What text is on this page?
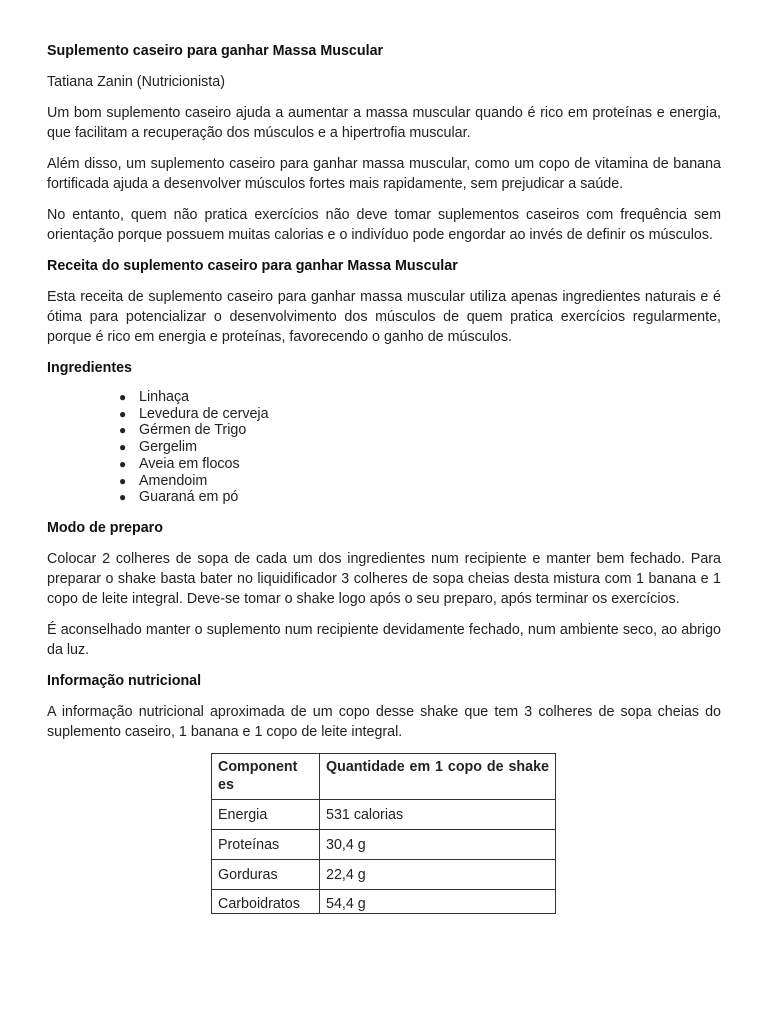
Suplemento caseiro para ganhar Massa Muscular

Tatiana Zanin (Nutricionista)

Um bom suplemento caseiro ajuda a aumentar a massa muscular quando é rico em proteínas e energia, que facilitam a recuperação dos músculos e a hipertrofia muscular.

Além disso, um suplemento caseiro para ganhar massa muscular, como um copo de vitamina de banana fortificada ajuda a desenvolver músculos fortes mais rapidamente, sem prejudicar a saúde.

No entanto, quem não pratica exercícios não deve tomar suplementos caseiros com frequência sem orientação porque possuem muitas calorias e o indivíduo pode engordar ao invés de definir os músculos.

Receita do suplemento caseiro para ganhar Massa Muscular

Esta receita de suplemento caseiro para ganhar massa muscular utiliza apenas ingredientes naturais e é ótima para potencializar o desenvolvimento dos músculos de quem pratica exercícios regularmente, porque é rico em energia e proteínas, favorecendo o ganho de músculos.

Ingredientes
● Linhaça
● Levedura de cerveja
● Gérmen de Trigo
● Gergelim
● Aveia em flocos
● Amendoim
● Guaraná em pó
Modo de preparo

Colocar 2 colheres de sopa de cada um dos ingredientes num recipiente e manter bem fechado. Para preparar o shake basta bater no liquidificador 3 colheres de sopa cheias desta mistura com 1 banana e 1 copo de leite integral. Deve-se tomar o shake logo após o seu preparo, após terminar os exercícios.

É aconselhado manter o suplemento num recipiente devidamente fechado, num ambiente seco, ao abrigo da luz.

Informação nutricional

A informação nutricional aproximada de um copo desse shake que tem 3 colheres de sopa cheias do suplemento caseiro, 1 banana e 1 copo de leite integral.

Component es	Quantidade em 1 copo de shake
Energia	531 calorias
Proteínas	30,4 g
Gorduras	22,4 g
Carboidratos	54,4 g
